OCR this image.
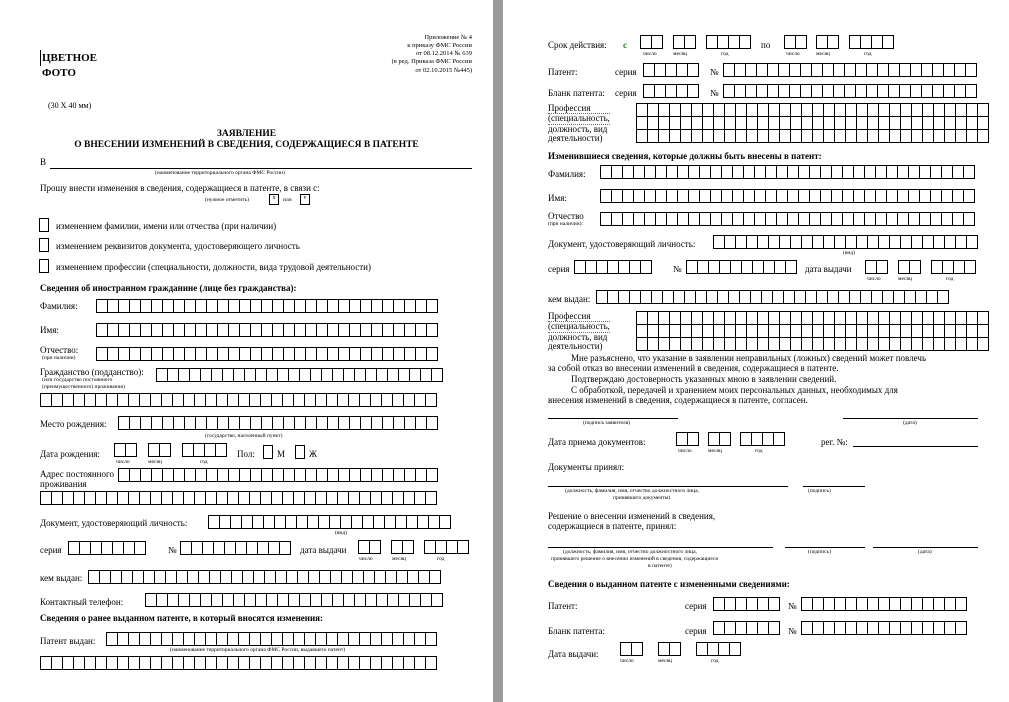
ЦВЕТНОЕ
ФОТО
(30 Х 40 мм)
Приложение № 4
к приказу ФМС России
от 08.12.2014 № 639
(в ред. Приказа ФМС России
от 02.10.2015 №445)
ЗАЯВЛЕНИЕ
О ВНЕСЕНИИ ИЗМЕНЕНИЙ В СВЕДЕНИЯ, СОДЕРЖАЩИЕСЯ В ПАТЕНТЕ
В
(наименование территориального органа ФМС России)
Прошу внести изменения в сведения, содержащиеся в патенте, в связи с:
(нужное отметить)	x	или	v
изменением фамилии, имени или отчества (при наличии)
изменением реквизитов документа, удостоверяющего личность
изменением профессии (специальности, должности, вида трудовой деятельности)
Сведения об иностранном гражданине (лице без гражданства):
Фамилия:
Имя:
Отчество:
(при наличии)
Гражданство (подданство):
(или государство постоянного
(преимущественного) проживания)
Место рождения:
(государство, населенный пункт)
Дата рождения:
число	месяц	год
Пол: М	Ж
Адрес постоянного
проживания
Документ, удостоверяющий личность:
(вид)
серия	№	дата выдачи
число	месяц	год
кем выдан:
Контактный телефон:
Сведения о ранее выданном патенте, в который вносятся изменения:
Патент выдан:
(наименование территориального органа ФМС России, выдавшего патент)
Срок действия: с
число	месяц	год
по
число	месяц	год
Патент:	серия	№
Бланк патента: серия	№
Профессия
(специальность,
должность, вид
деятельности)
Изменившиеся сведения, которые должны быть внесены в патент:
Фамилия:
Имя:
Отчество
(при наличии):
Документ, удостоверяющий личность:
(вид)
серия	№	дата выдачи
число	месяц	год
кем выдан:
Профессия
(специальность,
должность, вид
деятельности)
Мне разъяснено, что указание в заявлении неправильных (ложных) сведений может повлечь
за собой отказ во внесении изменений в сведения, содержащиеся в патенте.
Подтверждаю достоверность указанных мною в заявлении сведений.
С обработкой, передачей и хранением моих персональных данных, необходимых для
внесения изменений в сведения, содержащиеся в патенте, согласен.
(подпись заявителя)	(дата)
Дата приема документов:
число	месяц	год
рег. №:
Документы принял:
(должность, фамилия, имя, отчество должностного лица,
принявшего документы)
(подпись)
Решение о внесении изменений в сведения,
содержащиеся в патенте, принял:
(должность, фамилия, имя, отчество должностного лица,
принявшего решение о внесении изменений в сведения, содержащиеся
в патенте)
(подпись)	(дата)
Сведения о выданном патенте с измененными сведениями:
Патент:	серия	№
Бланк патента:	серия	№
Дата выдачи:
число	месяц	год
